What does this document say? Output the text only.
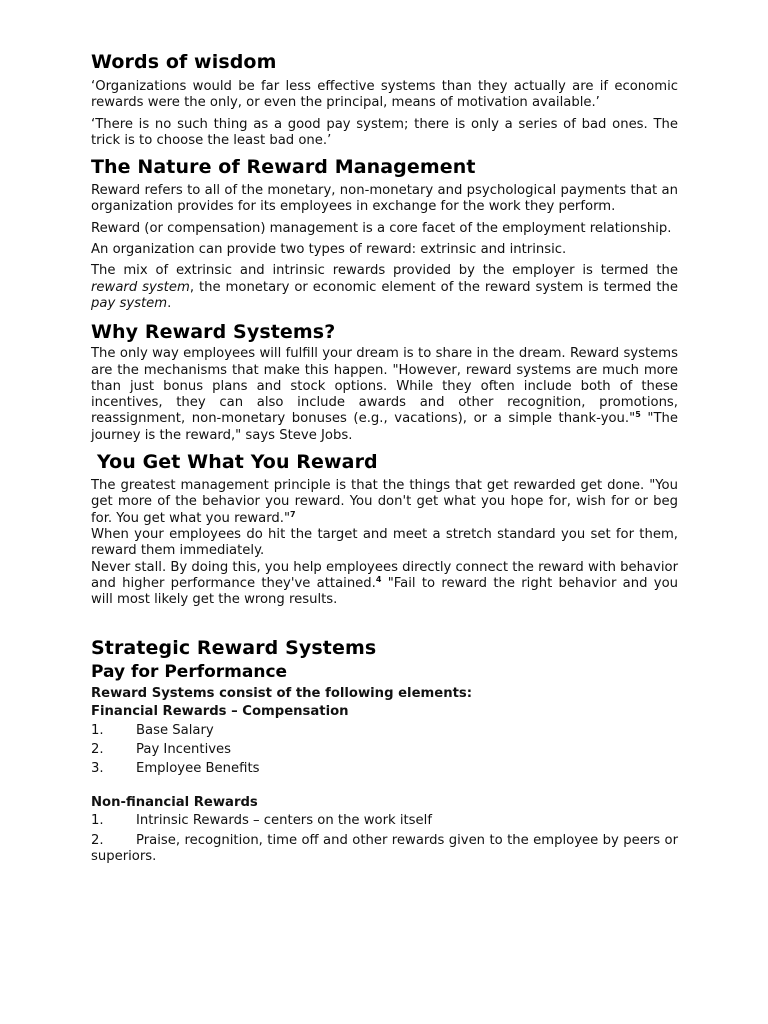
Words of wisdom

‘Organizations would be far less effective systems than they actually are if economic rewards were the only, or even the principal, means of motivation available.’

‘There is no such thing as a good pay system; there is only a series of bad ones. The trick is to choose the least bad one.’

The Nature of Reward Management

Reward refers to all of the monetary, non-monetary and psychological payments that an organization provides for its employees in exchange for the work they perform.

Reward (or compensation) management is a core facet of the employment relationship.

An organization can provide two types of reward: extrinsic and intrinsic.

The mix of extrinsic and intrinsic rewards provided by the employer is termed the reward system, the monetary or economic element of the reward system is termed the pay system.

Why Reward Systems?

The only way employees will fulfill your dream is to share in the dream. Reward systems are the mechanisms that make this happen. "However, reward systems are much more than just bonus plans and stock options. While they often include both of these incentives, they can also include awards and other recognition, promotions, reassignment, non-monetary bonuses (e.g., vacations), or a simple thank-you."$^5$ "The journey is the reward," says Steve Jobs.

You Get What You Reward

The greatest management principle is that the things that get rewarded get done. "You get more of the behavior you reward. You don't get what you hope for, wish for or beg for. You get what you reward."$^7$

When your employees do hit the target and meet a stretch standard you set for them, reward them immediately.

Never stall. By doing this, you help employees directly connect the reward with behavior and higher performance they've attained.$^4$ "Fail to reward the right behavior and you will most likely get the wrong results.

Strategic Reward Systems
Pay for Performance

Reward Systems consist of the following elements:

Financial Rewards – Compensation

1.	Base Salary
2.	Pay Incentives
3.	Employee Benefits

Non-financial Rewards

1.	Intrinsic Rewards – centers on the work itself
2. Praise, recognition, time off and other rewards given to the employee by peers or superiors.
